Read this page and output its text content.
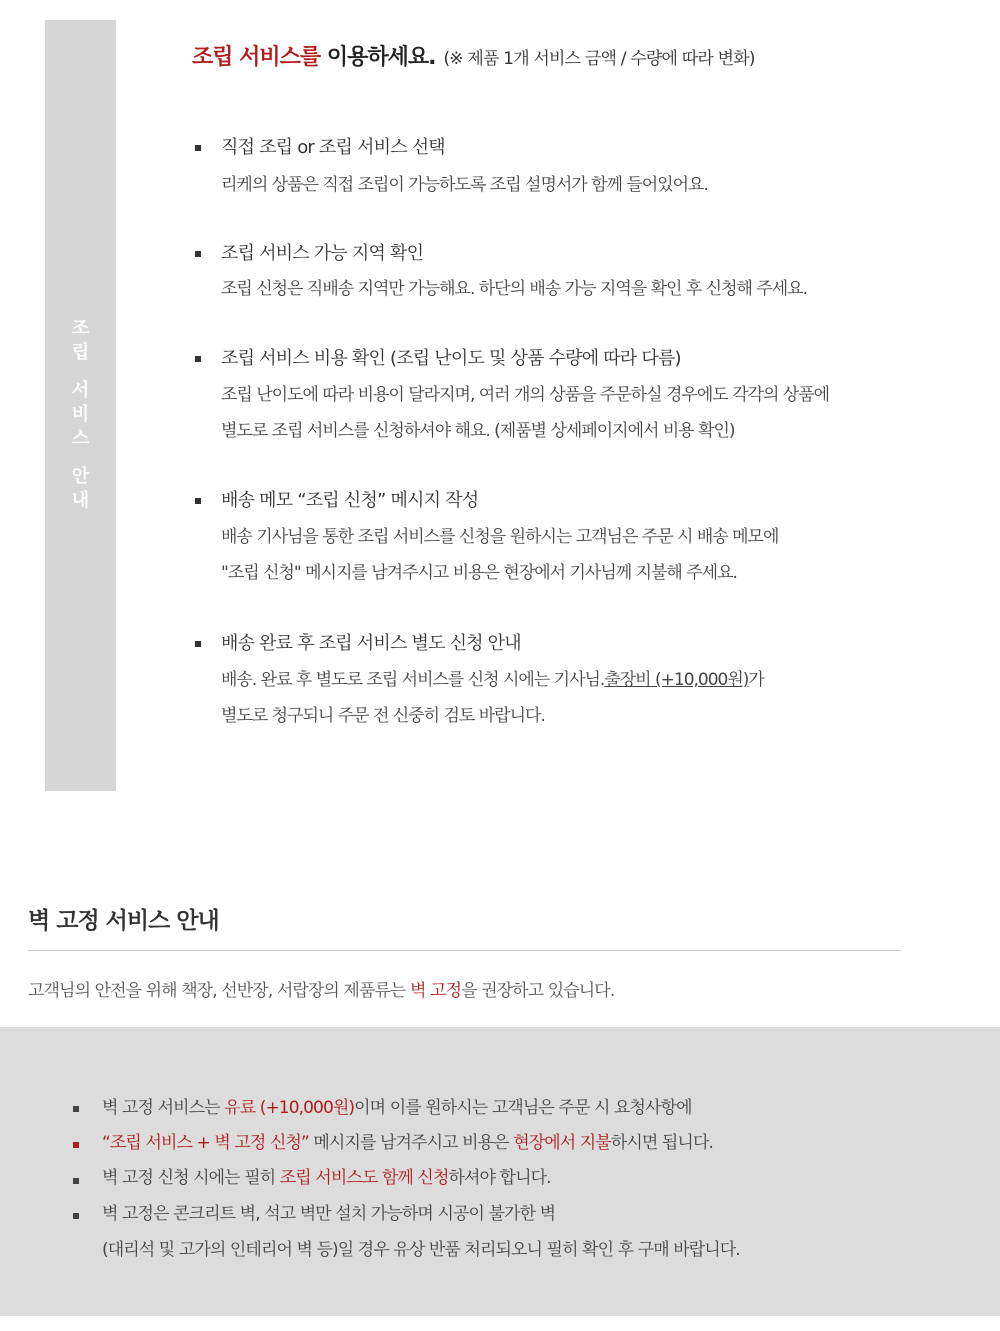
조
립
서
비
스
안
내
조립 서비스를 이용하세요. (※ 제품 1개 서비스 금액 / 수량에 따라 변화)
직접 조립 or 조립 서비스 선택
리케의 상품은 직접 조립이 가능하도록 조립 설명서가 함께 들어있어요.
조립 서비스 가능 지역 확인
조립 신청은 직배송 지역만 가능해요. 하단의 배송 가능 지역을 확인 후 신청해 주세요.
조립 서비스 비용 확인 (조립 난이도 및 상품 수량에 따라 다름)
조립 난이도에 따라 비용이 달라지며, 여러 개의 상품을 주문하실 경우에도 각각의 상품에
별도로 조립 서비스를 신청하셔야 해요. (제품별 상세페이지에서 비용 확인)
배송 메모 “조립 신청” 메시지 작성
배송 기사님을 통한 조립 서비스를 신청을 원하시는 고객님은 주문 시 배송 메모에
"조립 신청" 메시지를 남겨주시고 비용은 현장에서 기사님께 지불해 주세요.
배송 완료 후 조립 서비스 별도 신청 안내
배송. 완료 후 별도로 조립 서비스를 신청 시에는 기사님.출장비 (+10,000원)가
별도로 청구되니 주문 전 신중히 검토 바랍니다.
벽 고정 서비스 안내
고객님의 안전을 위해 책장, 선반장, 서랍장의 제품류는 벽 고정을 권장하고 있습니다.
벽 고정 서비스는 유료 (+10,000원)이며 이를 원하시는 고객님은 주문 시 요청사항에
“조립 서비스 + 벽 고정 신청” 메시지를 남겨주시고 비용은 현장에서 지불하시면 됩니다.
벽 고정 신청 시에는 필히 조립 서비스도 함께 신청하셔야 합니다.
벽 고정은 콘크리트 벽, 석고 벽만 설치 가능하며 시공이 불가한 벽
(대리석 및 고가의 인테리어 벽 등)일 경우 유상 반품 처리되오니 필히 확인 후 구매 바랍니다.
